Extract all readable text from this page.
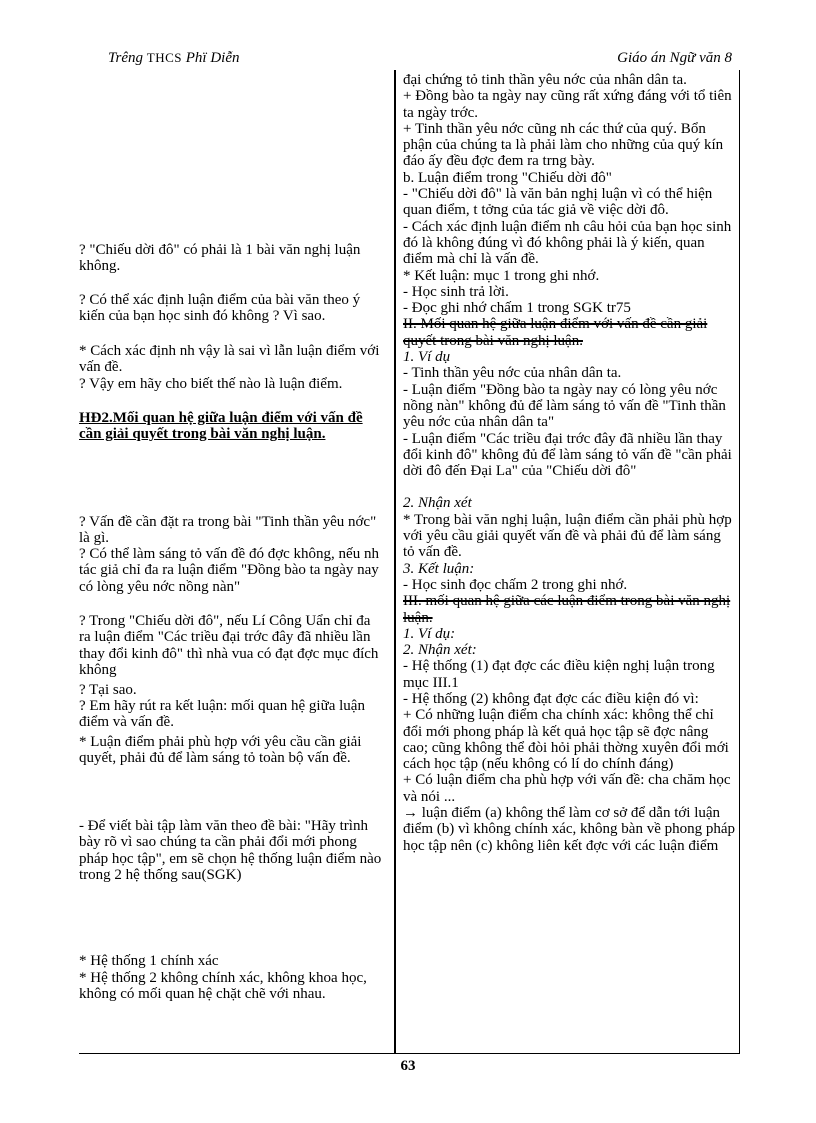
Trêng THCS Phï Diễn	Giáo án Ngữ văn 8
? "Chiếu dời đô" có phải là 1 bài văn nghị luận không.
? Có thể xác định luận điểm của bài văn theo ý kiến của bạn học sinh đó không ? Vì sao.
* Cách xác định nh vậy là sai vì lẫn luận điểm với vấn đề.
? Vậy em hãy cho biết thế nào là luận điểm.
HĐ2.Mối quan hệ giữa luận điểm với vấn đề cần giải quyết trong bài văn nghị luận.
? Vấn đề cần đặt ra trong bài "Tinh thần yêu nớc" là gì.
? Có thể làm sáng tỏ vấn đề đó đợc không, nếu nh tác giả chỉ đa ra luận điểm "Đồng bào ta ngày nay có lòng yêu nớc nồng nàn"
? Trong "Chiếu dời đô", nếu Lí Công Uẩn chỉ đa ra luận điểm "Các triều đại trớc đây đã nhiều lần thay đổi kinh đô" thì nhà vua có đạt đợc mục đích không
? Tại sao.
? Em hãy rút ra kết luận: mối quan hệ giữa luận điểm và vấn đề.
* Luận điểm phải phù hợp với yêu cầu cần giải quyết, phải đủ để làm sáng tỏ toàn bộ vấn đề.
- Để viết bài tập làm văn theo đề bài: "Hãy trình bày rõ vì sao chúng ta cần phải đổi mới phong pháp học tập", em sẽ chọn hệ thống luận điểm nào trong 2 hệ thống sau(SGK)
* Hệ thống 1 chính xác
* Hệ thống 2 không chính xác, không khoa học, không có mối quan hệ chặt chẽ với nhau.
đại chứng tỏ tinh thần yêu nớc của nhân dân ta.
+ Đồng bào ta ngày nay cũng rất xứng đáng với tổ tiên ta ngày trớc.
+ Tinh thần yêu nớc cũng nh các thứ của quý. Bổn phận của chúng ta là phải làm cho những của quý kín đáo ấy đều đợc đem ra trng bày.
b. Luận điểm trong "Chiếu dời đô"
- "Chiếu dời đô" là văn bản nghị luận vì có thể hiện quan điểm, t tởng của tác giả về việc dời đô.
- Cách xác định luận điểm nh câu hỏi của bạn học sinh đó là không đúng vì đó không phải là ý kiến, quan điểm mà chỉ là vấn đề.
* Kết luận: mục 1 trong ghi nhớ.
- Học sinh trả lời.
- Đọc ghi nhớ chấm 1 trong SGK tr75
II. Mối quan hệ giữa luận điểm với vấn đề cần giải quyết trong bài văn nghị luận.
1. Ví dụ
- Tinh thần yêu nớc của nhân dân ta.
- Luận điểm "Đồng bào ta ngày nay có lòng yêu nớc nồng nàn" không đủ để làm sáng tỏ vấn đề "Tinh thần yêu nớc của nhân dân ta"
- Luận điểm "Các triều đại trớc đây đã nhiều lần thay đổi kinh đô" không đủ để làm sáng tỏ vấn đề "cần phải dời đô đến Đại La" của "Chiếu dời đô"
2. Nhận xét
* Trong bài văn nghị luận, luận điểm cần phải phù hợp với yêu cầu giải quyết vấn đề và phải đủ để làm sáng tỏ vấn đề.
3. Kết luận:
- Học sinh đọc chấm 2 trong ghi nhớ.
III. mối quan hệ giữa các luận điểm trong bài văn nghị luận.
1. Ví dụ:
2. Nhận xét:
- Hệ thống (1) đạt đợc các điều kiện nghị luận trong mục III.1
- Hệ thống (2) không đạt đợc các điều kiện đó vì:
+ Có những luận điểm cha chính xác: không thể chỉ đổi mới phong pháp là kết quả học tập sẽ đợc nâng cao; cũng không thể đòi hỏi phải thờng xuyên đổi mới cách học tập (nếu không có lí do chính đáng)
+ Có luận điểm cha phù hợp với vấn đề: cha chăm học và nói ...
→ luận điểm (a) không thể làm cơ sở để dẫn tới luận điểm (b) vì không chính xác, không bàn về phong pháp học tập nên (c) không liên kết đợc với các luận điểm
63
